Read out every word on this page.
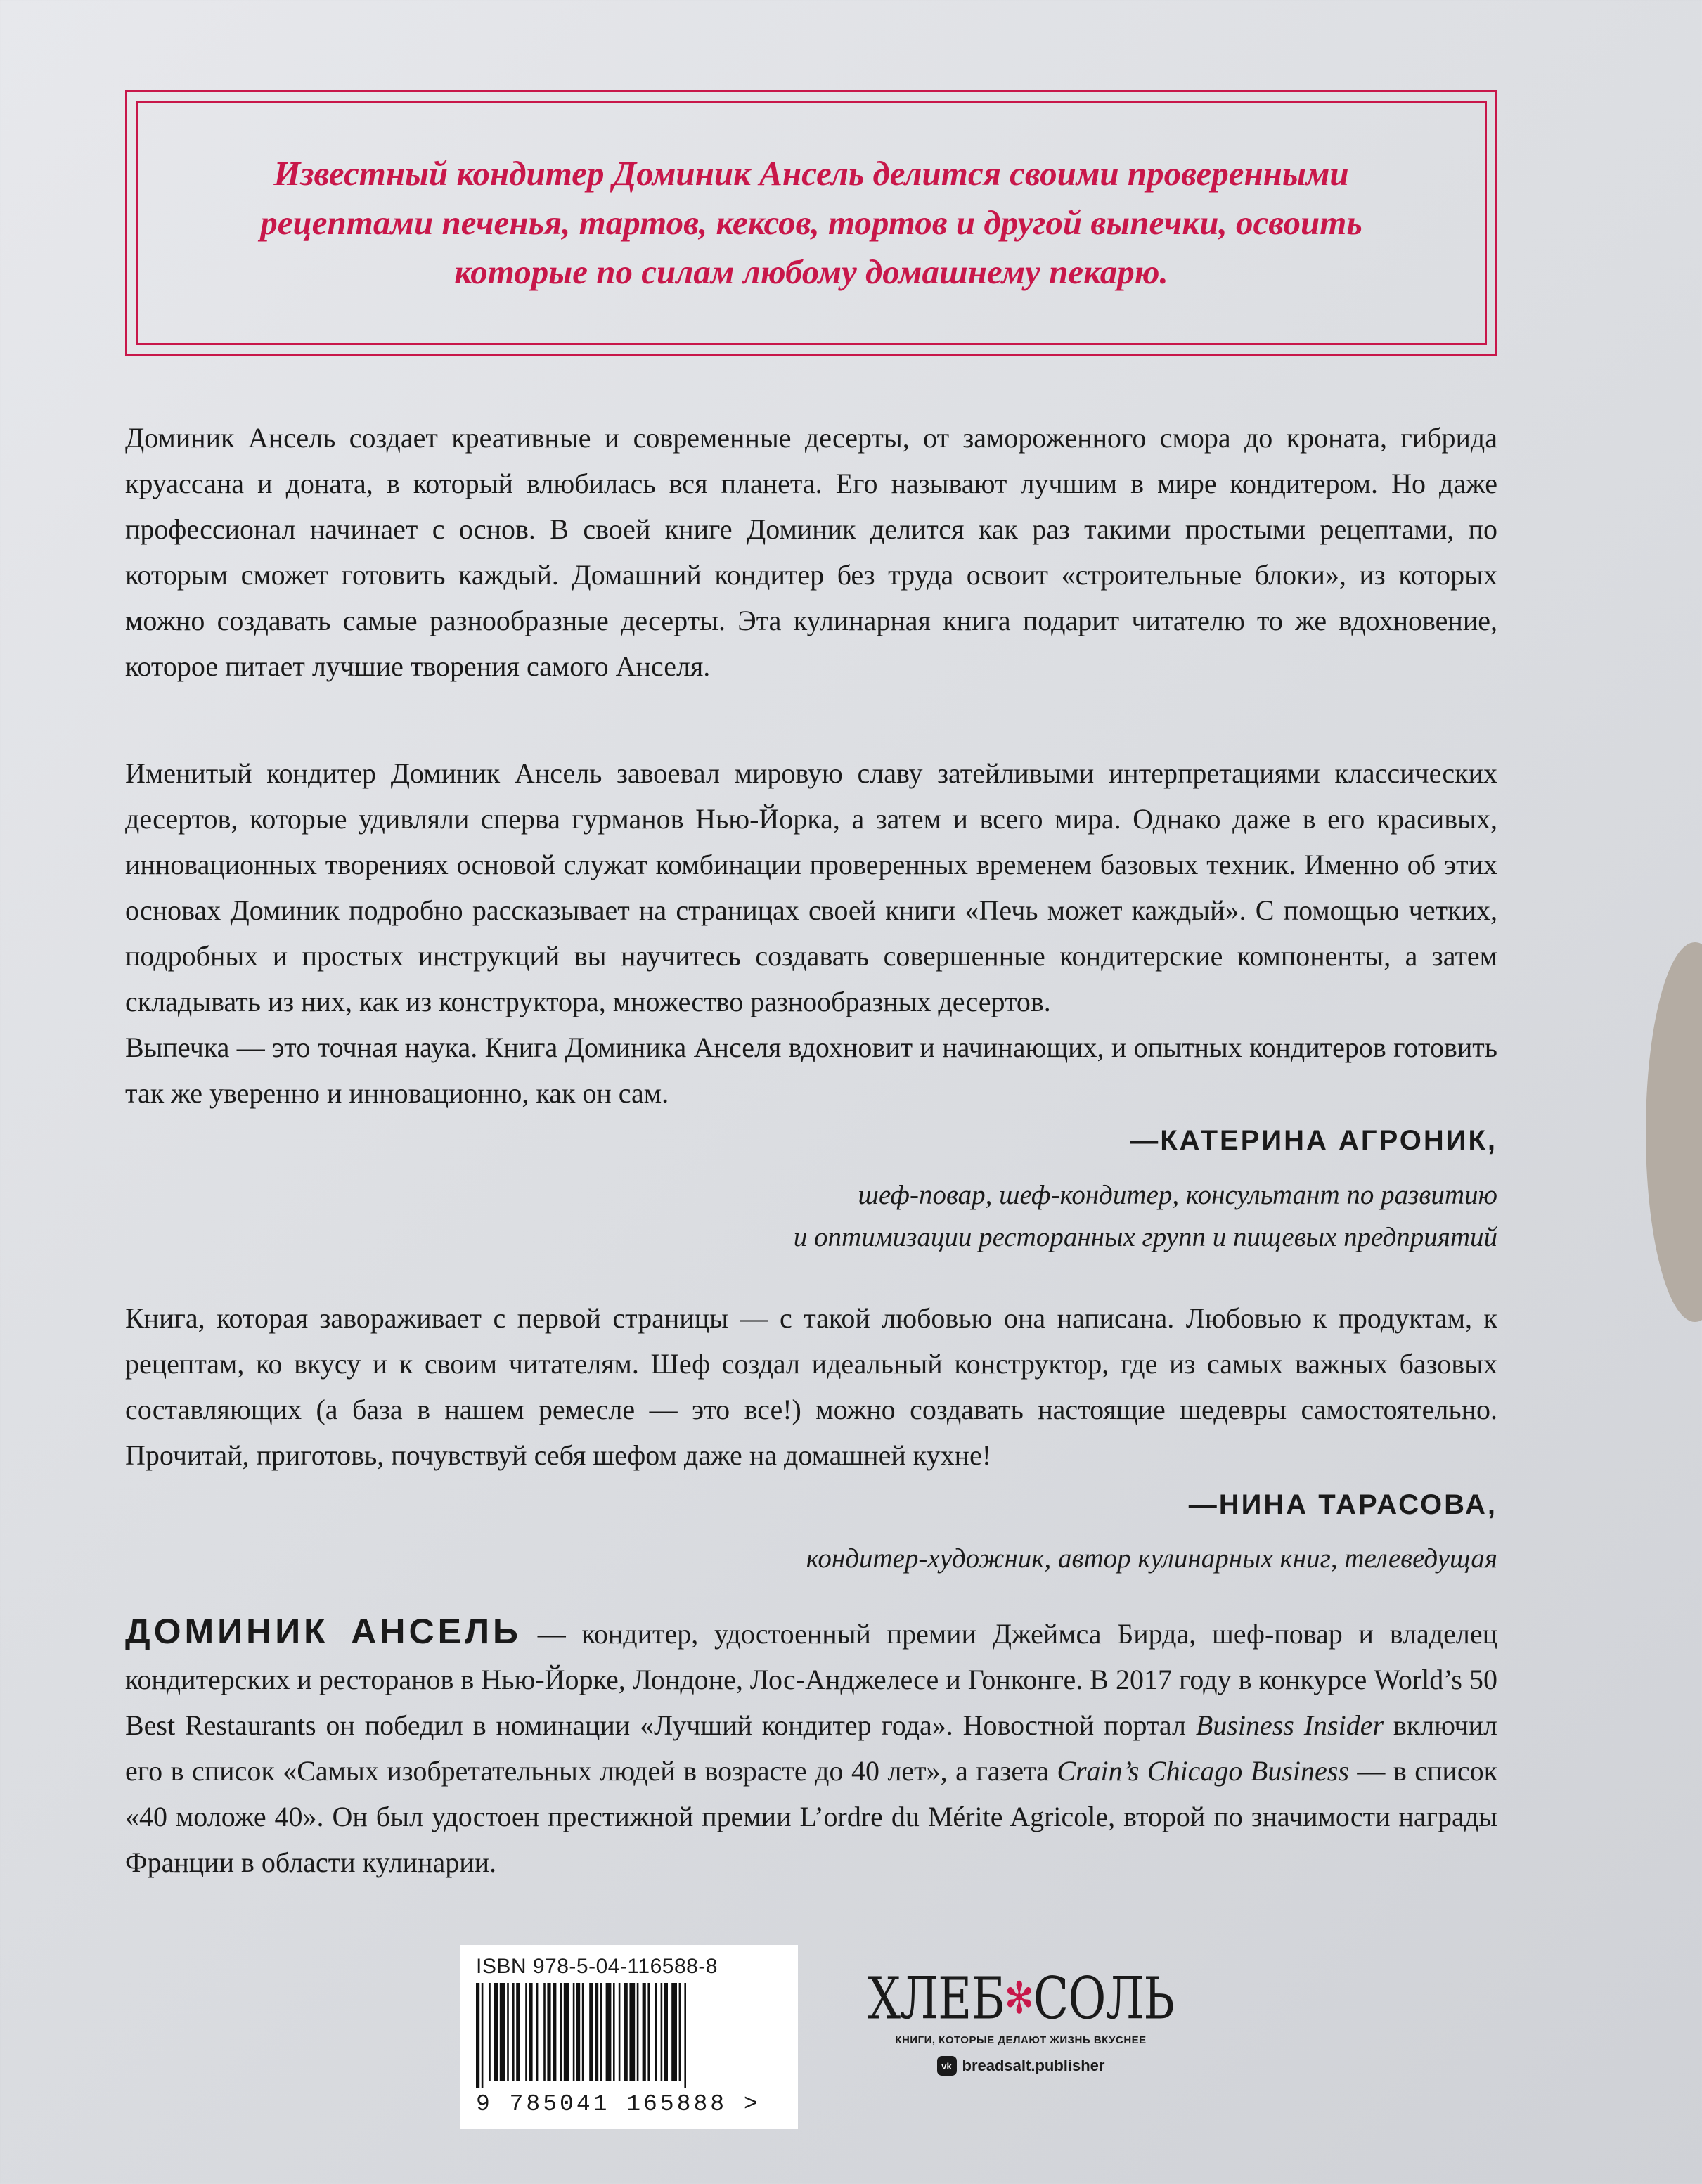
Известный кондитер Доминик Ансель делится своими проверенными рецептами печенья, тартов, кексов, тортов и другой выпечки, освоить которые по силам любому домашнему пекарю.

Доминик Ансель создает креативные и современные десерты, от замороженного смора до кроната, гибрида круассана и доната, в который влюбилась вся планета. Его называют лучшим в мире кондитером. Но даже профессионал начинает с основ. В своей книге Доминик делится как раз такими простыми рецептами, по которым сможет готовить каждый. Домашний кондитер без труда освоит «строительные блоки», из которых можно создавать самые разнообразные десерты. Эта кулинарная книга подарит читателю то же вдохновение, которое питает лучшие творения самого Анселя.

Именитый кондитер Доминик Ансель завоевал мировую славу затейливыми интерпретациями классических десертов, которые удивляли сперва гурманов Нью-Йорка, а затем и всего мира. Однако даже в его красивых, инновационных творениях основой служат комбинации проверенных временем базовых техник. Именно об этих основах Доминик подробно рассказывает на страницах своей книги «Печь может каждый». С помощью четких, подробных и простых инструкций вы научитесь создавать совершенные кондитерские компоненты, а затем складывать из них, как из конструктора, множество разнообразных десертов.

Выпечка — это точная наука. Книга Доминика Анселя вдохновит и начинающих, и опытных кондитеров готовить так же уверенно и инновационно, как он сам.

—КАТЕРИНА АГРОНИК,
шеф-повар, шеф-кондитер, консультант по развитию
и оптимизации ресторанных групп и пищевых предприятий

Книга, которая завораживает с первой страницы — с такой любовью она написана. Любовью к продуктам, к рецептам, ко вкусу и к своим читателям. Шеф создал идеальный конструктор, где из самых важных базовых составляющих (а база в нашем ремесле — это все!) можно создавать настоящие шедевры самостоятельно. Прочитай, приготовь, почувствуй себя шефом даже на домашней кухне!

—НИНА ТАРАСОВА,
кондитер-художник, автор кулинарных книг, телеведущая

ДОМИНИК АНСЕЛЬ — кондитер, удостоенный премии Джеймса Бирда, шеф-повар и владелец кондитерских и ресторанов в Нью-Йорке, Лондоне, Лос-Анджелесе и Гонконге. В 2017 году в конкурсе World’s 50 Best Restaurants он победил в номинации «Лучший кондитер года». Новостной портал Business Insider включил его в список «Самых изобретательных людей в возрасте до 40 лет», а газета Crain’s Chicago Business — в список «40 моложе 40». Он был удостоен престижной премии L’ordre du Mérite Agricole, второй по значимости награды Франции в области кулинарии.

ISBN 978-5-04-116588-8
9 785041 165888 >
ХЛЕБ✻СОЛЬ
КНИГИ, КОТОРЫЕ ДЕЛАЮТ ЖИЗНЬ ВКУСНЕЕ
vk breadsalt.publisher
